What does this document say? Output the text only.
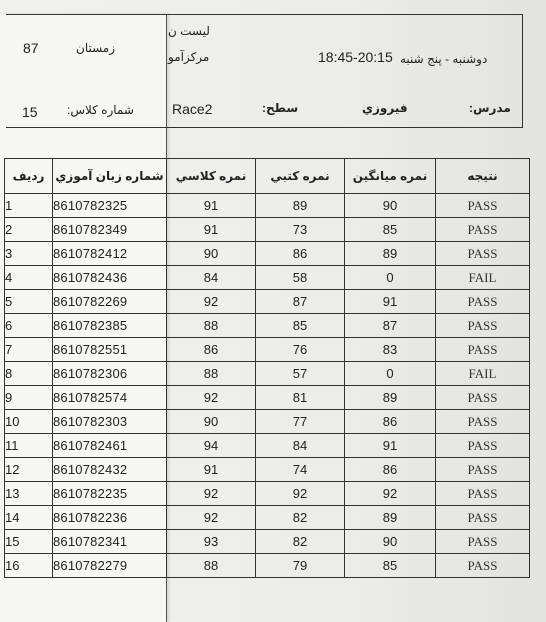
لیست ن
مرکزآمو	دوشنبه - پنج شنبه
18:45-20:15
87	زمستان
15 شماره کلاس:	Race2	سطح:	فيروزي	مدرس:
رديف	شماره زبان آموزي	نمره کلاسي	نمره کتبي	نمره ميانگين	نتيجه
1	8610782325	91	89	90	PASS
2	8610782349	91	73	85	PASS
3	8610782412	90	86	89	PASS
4	8610782436	84	58	0	FAIL
5	8610782269	92	87	91	PASS
6	8610782385	88	85	87	PASS
7	8610782551	86	76	83	PASS
8	8610782306	88	57	0	FAIL
9	8610782574	92	81	89	PASS
10	8610782303	90	77	86	PASS
11	8610782461	94	84	91	PASS
12	8610782432	91	74	86	PASS
13	8610782235	92	92	92	PASS
14	8610782236	92	82	89	PASS
15	8610782341	93	82	90	PASS
16	8610782279	88	79	85	PASS
